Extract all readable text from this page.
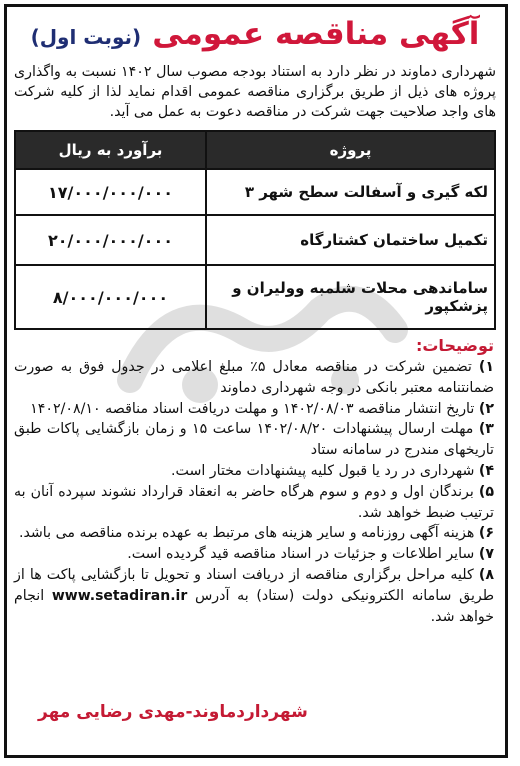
آگهی مناقصه عمومی (نوبت اول)
شهرداری دماوند در نظر دارد به استناد بودجه مصوب سال ۱۴۰۲ نسبت به واگذاری پروژه های ذیل از طریق برگزاری مناقصه عمومی اقدام نماید لذا از کلیه شرکت های واجد صلاحیت جهت شرکت در مناقصه دعوت به عمل می آید.
پروژه	برآورد به ریال
لکه گیری و آسفالت سطح شهر ۳	۱۷/۰۰۰/۰۰۰/۰۰۰
تکمیل ساختمان کشتارگاه	۲۰/۰۰۰/۰۰۰/۰۰۰
ساماندهی محلات شلمبه وولیران و پزشکپور	۸/۰۰۰/۰۰۰/۰۰۰
توضیحات:
۱) تضمین شرکت در مناقصه معادل ۵٪ مبلغ اعلامی در جدول فوق به صورت ضمانتنامه معتبر بانکی در وجه شهرداری دماوند
۲) تاریخ انتشار مناقصه ۱۴۰۲/۰۸/۰۳ و مهلت دریافت اسناد مناقصه ۱۴۰۲/۰۸/۱۰
۳) مهلت ارسال پیشنهادات ۱۴۰۲/۰۸/۲۰ ساعت ۱۵ و زمان بازگشایی پاکات طبق تاریخهای مندرج در سامانه ستاد
۴) شهرداری در رد یا قبول کلیه پیشنهادات مختار است.
۵) برندگان اول و دوم و سوم هرگاه حاضر به انعقاد قرارداد نشوند سپرده آنان به ترتیب ضبط خواهد شد.
۶) هزینه آگهی روزنامه و سایر هزینه های مرتبط به عهده برنده مناقصه می باشد.
۷) سایر اطلاعات و جزئیات در اسناد مناقصه قید گردیده است.
۸) کلیه مراحل برگزاری مناقصه از دریافت اسناد و تحویل تا بازگشایی پاکت ها از طریق سامانه الکترونیکی دولت (ستاد) به آدرس www.setadiran.ir انجام خواهد شد.
شهرداردماوند-مهدی رضایی مهر
